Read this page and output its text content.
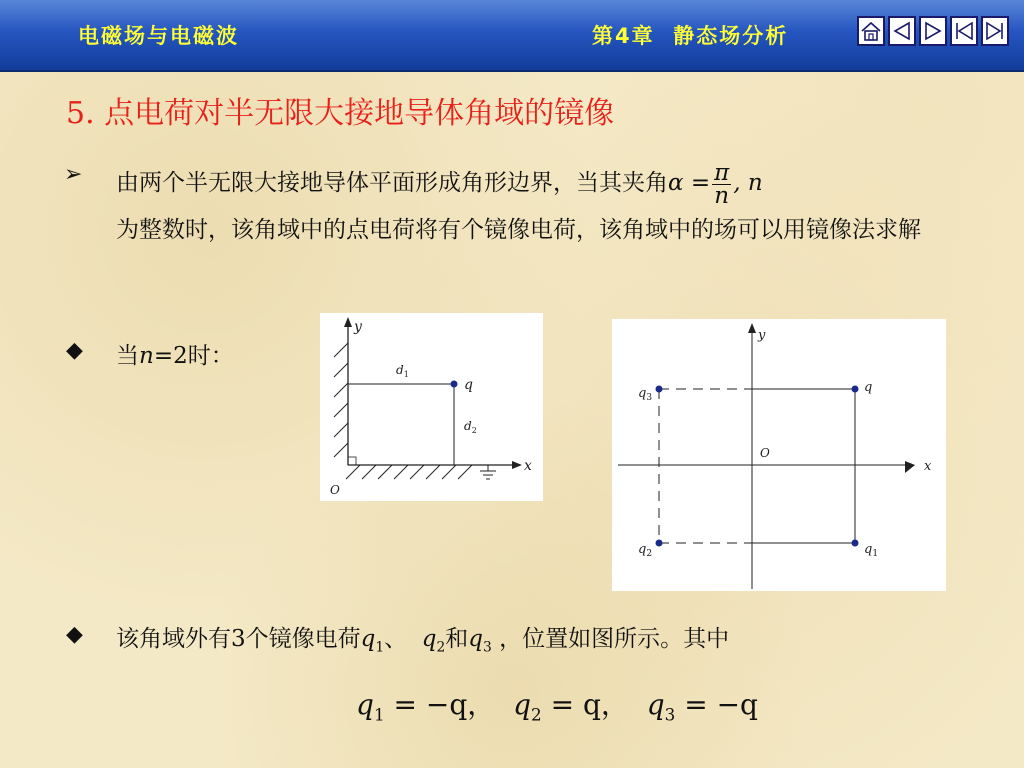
电磁场与电磁波	第4章  静态场分析
5. 点电荷对半无限大接地导体角域的镜像
➢ 由两个半无限大接地导体平面形成角形边界，当其夹角$\alpha = \frac{\pi}{n}$ , n
为整数时，该角域中的点电荷将有个镜像电荷，该角域中的场可以用镜像法求解
◆ 当n=2时：
y
x
O
$d_1$
$d_2$
q
y
x
O
q
$q_1$
$q_2$
$q_3$
◆ 该角域外有3个镜像电荷$q_1$、 $q_2$和$q_3$ ，位置如图所示。其中
$q_1 = -q$，  $q_2 = q$，  $q_3 = -q$
